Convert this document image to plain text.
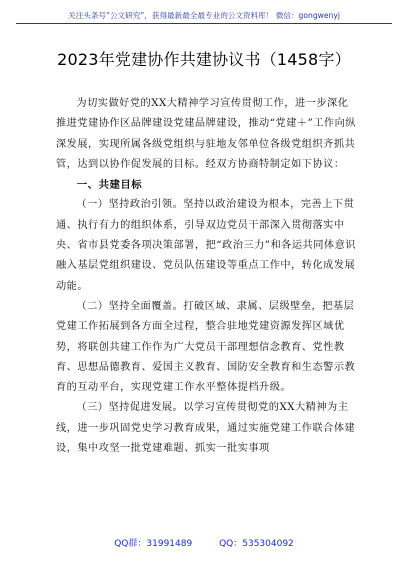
关注头条号“公文研究”，获得最新最全最专业的公文资料库！ 微信：gongwenyj
2023年党建协作共建协议书（1458字）

为切实做好党的XX大精神学习宣传贯彻工作，进一步深化推进党建协作区品牌建设党建品牌建设，推动“党建＋”工作向纵深发展，实现所属各级党组织与驻地友邻单位各级党组织齐抓共管，达到以协作促发展的目标。经双方协商特制定如下协议：

一、共建目标

（一）坚持政治引领。坚持以政治建设为根本，完善上下贯通、执行有力的组织体系，引导双边党员干部深入贯彻落实中央、省市县党委各项决策部署，把“政治三力”和各运共同体意识融入基层党组织建设、党员队伍建设等重点工作中，转化成发展动能。

（二）坚持全面覆盖。打破区域、隶属、层级壁垒，把基层党建工作拓展到各方面全过程，整合驻地党建资源发挥区域优势，将联创共建工作作为广大党员干部理想信念教育、党性教育、思想品德教育、爱国主义教育、国防安全教育和生态警示教育的互动平台，实现党建工作水平整体提档升级。

（三）坚持促进发展。以学习宣传贯彻党的XX大精神为主线，进一步巩固党史学习教育成果，通过实施党建工作联合体建设，集中攻坚一批党建难题、抓实一批实事项

QQ群：31991489	QQ：535304092
